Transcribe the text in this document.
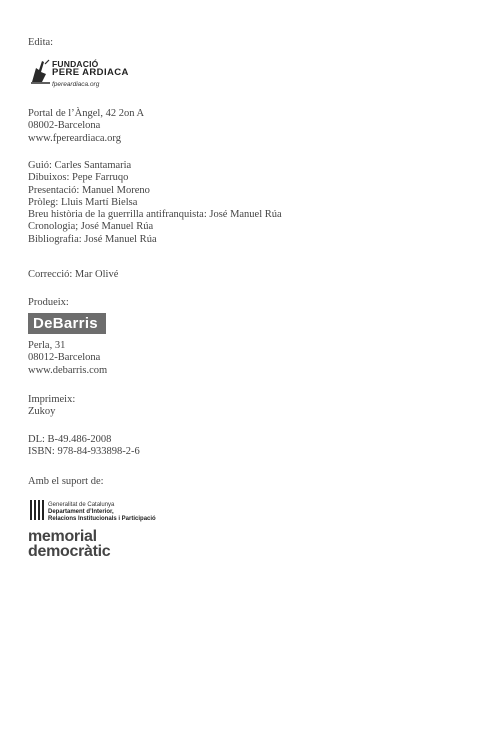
Edita:
FUNDACIÓ
PERE ARDIACA
fpereardiaca.org
Portal de l’Àngel, 42 2on A
08002-Barcelona
www.fpereardiaca.org
Guió: Carles Santamaria
Dibuixos: Pepe Farruqo
Presentació: Manuel Moreno
Pròleg: Lluis Martí Bielsa
Breu història de la guerrilla antifranquista: José Manuel Rúa
Cronologia; José Manuel Rúa
Bibliografia: José Manuel Rúa
Correcció: Mar Olivé
Produeix:
DeBarris
Perla, 31
08012-Barcelona
www.debarris.com
Imprimeix:
Zukoy
DL: B-49.486-2008
ISBN: 978-84-933898-2-6
Amb el suport de:
Generalitat de Catalunya
Departament d’Interior,
Relacions Institucionals i Participació
memorial
democràtic
